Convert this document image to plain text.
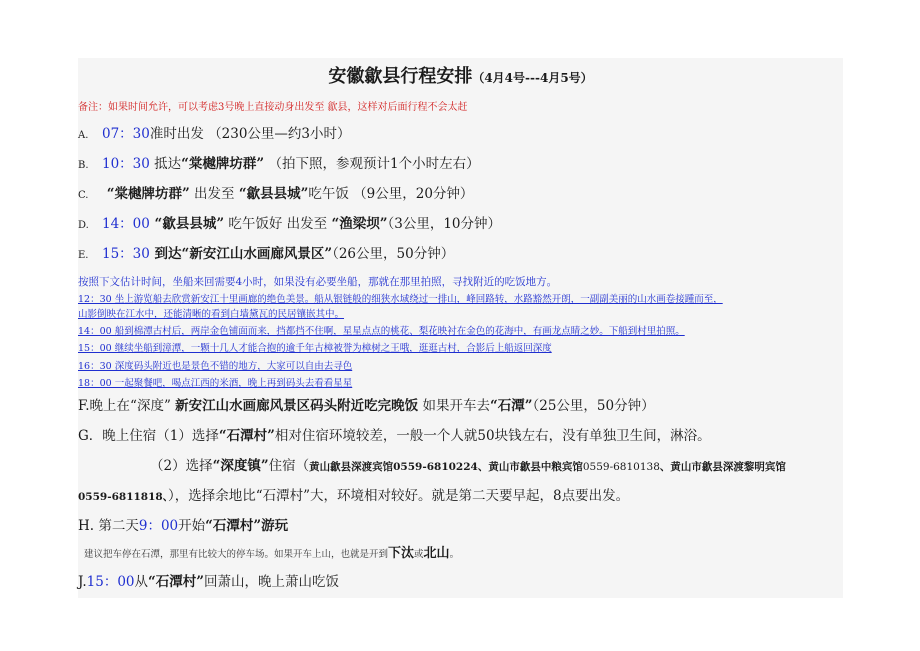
安徽歙县行程安排（4月4号---4月5号）
备注：如果时间允许，可以考虑3号晚上直接动身出发至 歙县，这样对后面行程不会太赶
A. 07：30准时出发 （230公里—约3小时）
B. 10：30 抵达“棠樾牌坊群” （拍下照，参观预计1个小时左右）
C. “棠樾牌坊群” 出发至 “歙县县城”吃午饭 （9公里，20分钟）
D. 14：00 “歙县县城” 吃午饭好 出发至 “渔梁坝”（3公里，10分钟）
E. 15：30 到达“新安江山水画廊风景区”（26公里，50分钟）
按照下文估计时间，坐船来回需要4小时，如果没有必要坐船，那就在那里拍照，寻找附近的吃饭地方。
12：30 坐上游览船去欣赏新安江十里画廊的绝色美景。船从银链般的细狭水域绕过一排山，峰回路转，水路豁然开朗，一副副美丽的山水画卷接踵而至，
山影倒映在江水中，还能清晰的看到白墙黛瓦的民居镶嵌其中。
14：00 船到棉潭古村后，两岸金色铺面而来，挡都挡不住啊，星星点点的桃花、梨花映衬在金色的花海中，有画龙点睛之妙。下船到村里拍照。
15：00 继续坐船到漳潭，一颗十几人才能合抱的逾千年古樟被誉为樟树之王哦，逛逛古村，合影后上船返回深度
16：30 深度码头附近也是景色不错的地方，大家可以自由去寻色
18：00 一起聚餐吧，喝点江西的米酒，晚上再到码头去看看星星
F.晚上在“深度” 新安江山水画廊风景区码头附近吃完晚饭 如果开车去“石潭”（25公里，50分钟）
G．晚上住宿（1）选择“石潭村”相对住宿环境较差，一般一个人就50块钱左右，没有单独卫生间，淋浴。
（2）选择“深度镇”住宿（黄山歙县深渡宾馆0559-6810224、黄山市歙县中粮宾馆0559-6810138、黄山市歙县深渡黎明宾馆
0559-6811818、），选择余地比“石潭村”大，环境相对较好。就是第二天要早起，8点要出发。
H. 第二天9：00开始“石潭村”游玩
建议把车停在石潭，那里有比较大的停车场。如果开车上山，也就是开到下汰或北山。
J.15：00从“石潭村”回萧山，晚上萧山吃饭
